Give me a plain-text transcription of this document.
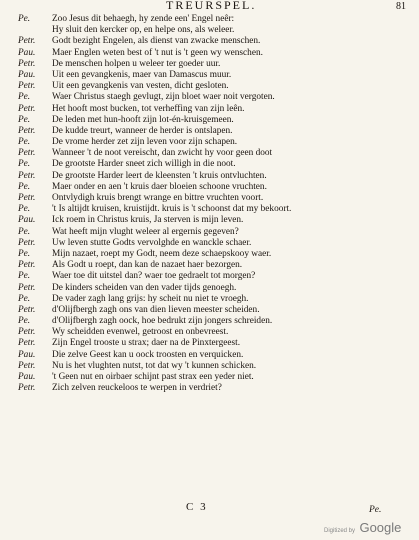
TREURSPEL.	81
Pe. Zoo Jesus dit behaegh, hy zende een' Engel neêr:
Hy sluit den kercker op, en helpe ons, als weleer.
Petr. Godt bezight Engelen, als dienst van zwacke menschen.
Pau. Maer Englen weten best of 't nut is 't geen wy wenschen.
Petr. De menschen holpen u weleer ter goeder uur.
Pau. Uit een gevangkenis, maer van Damascus muur.
Petr. Uit een gevangkenis van vesten, dicht gesloten.
Pe. Waer Christus staegh gevlugt, zijn bloet waer noit vergoten.
Petr. Het hooft most bucken, tot verheffing van zijn leên.
Pe. De leden met hun-hooft zijn lot-én-kruisgemeen.
Petr. De kudde treurt, wanneer de herder is ontslapen.
Pe. De vrome herder zet zijn leven voor zijn schapen.
Petr. Wanneer 't de noot vereischt, dan zwicht hy voor geen doot
Pe. De grootste Harder sneet zich willigh in die noot.
Petr. De grootste Harder leert de kleensten 't kruis ontvluchten.
Pe. Maer onder en aen 't kruis daer bloeien schoone vruchten.
Petr. Ontvlydigh kruis brengt wrange en bittre vruchten voort.
Pe. 't Is altijdt kruisen, kruistijdt. kruis is 't schoonst dat my bekoort.
Pau. Ick roem in Christus kruis, Ja sterven is mijn leven.
Pe. Wat heeft mijn vlught weleer al ergernis gegeven?
Petr. Uw leven stutte Godts vervolghde en wanckle schaer.
Pe. Mijn nazaet, roept my Godt, neem deze schaepskooy waer.
Petr. Als Godt u roept, dan kan de nazaet haer bezorgen.
Pe. Waer toe dit uitstel dan? waer toe gedraelt tot morgen?
Petr. De kinders scheiden van den vader tijds genoegh.
Pe. De vader zagh lang grijs: hy scheit nu niet te vroegh.
Petr. d'Olijfbergh zagh ons van dien lieven meester scheiden.
Pe. d'Olijfbergh zagh oock, hoe bedrukt zijn jongers schreiden.
Petr. Wy scheidden evenwel, getroost en onbevreest.
Petr. Zijn Engel trooste u strax; daer na de Pinxtergeest.
Pau. Die zelve Geest kan u oock troosten en verquicken.
Petr. Nu is het vlughten nutst, tot dat wy 't kunnen schicken.
Pau. 't Geen nut en oirbaer schijnt past strax een yeder niet.
Petr. Zich zelven reuckeloos te werpen in verdriet?
C 3	Pe.
Digitized by Google
